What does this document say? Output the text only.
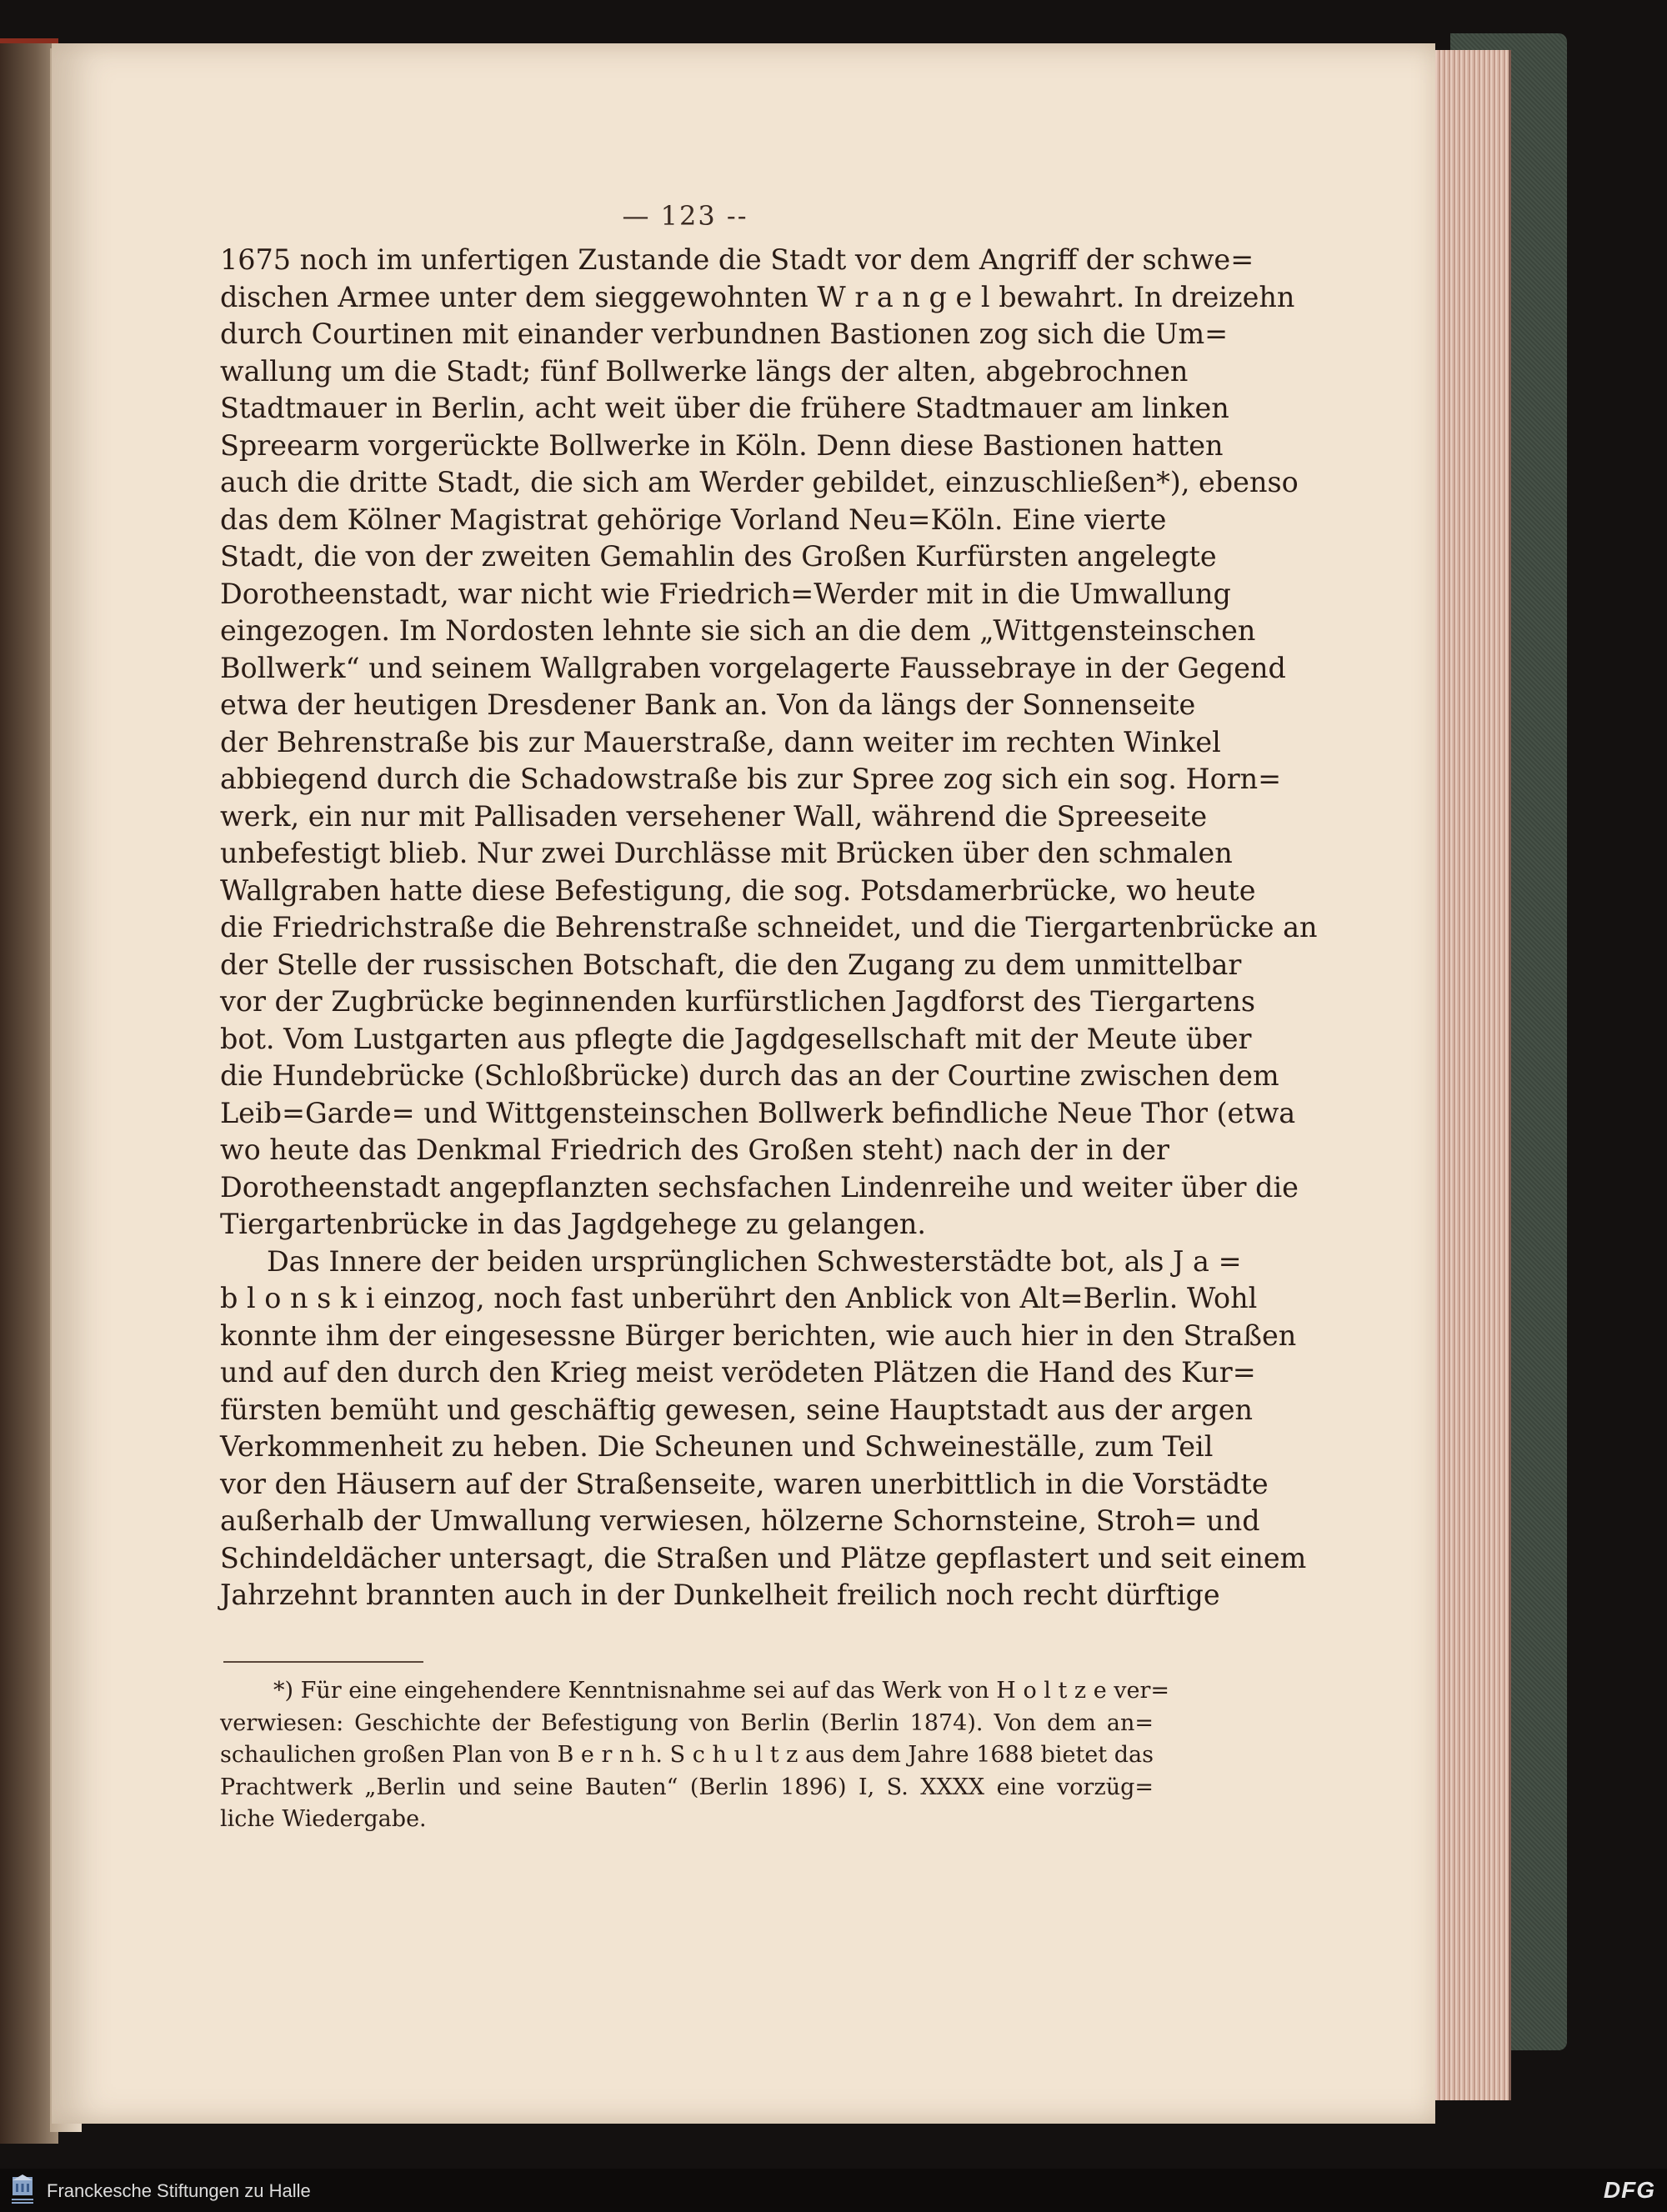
— 123 --
1675 noch im unfertigen Zustande die Stadt vor dem Angriff der schwe=
dischen Armee unter dem sieggewohnten W r a n g e l bewahrt. In dreizehn
durch Courtinen mit einander verbundnen Bastionen zog sich die Um=
wallung um die Stadt; fünf Bollwerke längs der alten, abgebrochnen
Stadtmauer in Berlin, acht weit über die frühere Stadtmauer am linken
Spreearm vorgerückte Bollwerke in Köln. Denn diese Bastionen hatten
auch die dritte Stadt, die sich am Werder gebildet, einzuschließen*), ebenso
das dem Kölner Magistrat gehörige Vorland Neu=Köln. Eine vierte
Stadt, die von der zweiten Gemahlin des Großen Kurfürsten angelegte
Dorotheenstadt, war nicht wie Friedrich=Werder mit in die Umwallung
eingezogen. Im Nordosten lehnte sie sich an die dem „Wittgensteinschen
Bollwerk“ und seinem Wallgraben vorgelagerte Faussebraye in der Gegend
etwa der heutigen Dresdener Bank an. Von da längs der Sonnenseite
der Behrenstraße bis zur Mauerstraße, dann weiter im rechten Winkel
abbiegend durch die Schadowstraße bis zur Spree zog sich ein sog. Horn=
werk, ein nur mit Pallisaden versehener Wall, während die Spreeseite
unbefestigt blieb. Nur zwei Durchlässe mit Brücken über den schmalen
Wallgraben hatte diese Befestigung, die sog. Potsdamerbrücke, wo heute
die Friedrichstraße die Behrenstraße schneidet, und die Tiergartenbrücke an
der Stelle der russischen Botschaft, die den Zugang zu dem unmittelbar
vor der Zugbrücke beginnenden kurfürstlichen Jagdforst des Tiergartens
bot. Vom Lustgarten aus pflegte die Jagdgesellschaft mit der Meute über
die Hundebrücke (Schloßbrücke) durch das an der Courtine zwischen dem
Leib=Garde= und Wittgensteinschen Bollwerk befindliche Neue Thor (etwa
wo heute das Denkmal Friedrich des Großen steht) nach der in der
Dorotheenstadt angepflanzten sechsfachen Lindenreihe und weiter über die
Tiergartenbrücke in das Jagdgehege zu gelangen.
Das Innere der beiden ursprünglichen Schwesterstädte bot, als J a =
b l o n s k i einzog, noch fast unberührt den Anblick von Alt=Berlin. Wohl
konnte ihm der eingesessne Bürger berichten, wie auch hier in den Straßen
und auf den durch den Krieg meist verödeten Plätzen die Hand des Kur=
fürsten bemüht und geschäftig gewesen, seine Hauptstadt aus der argen
Verkommenheit zu heben. Die Scheunen und Schweineställe, zum Teil
vor den Häusern auf der Straßenseite, waren unerbittlich in die Vorstädte
außerhalb der Umwallung verwiesen, hölzerne Schornsteine, Stroh= und
Schindeldächer untersagt, die Straßen und Plätze gepflastert und seit einem
Jahrzehnt brannten auch in der Dunkelheit freilich noch recht dürftige
*) Für eine eingehendere Kenntnisnahme sei auf das Werk von H o l t z e ver=
verwiesen: Geschichte der Befestigung von Berlin (Berlin 1874). Von dem an=
schaulichen großen Plan von B e r n h. S c h u l t z aus dem Jahre 1688 bietet das
Prachtwerk „Berlin und seine Bauten“ (Berlin 1896) I, S. XXXX eine vorzüg=
liche Wiedergabe.
Franckesche Stiftungen zu Halle	DFG
